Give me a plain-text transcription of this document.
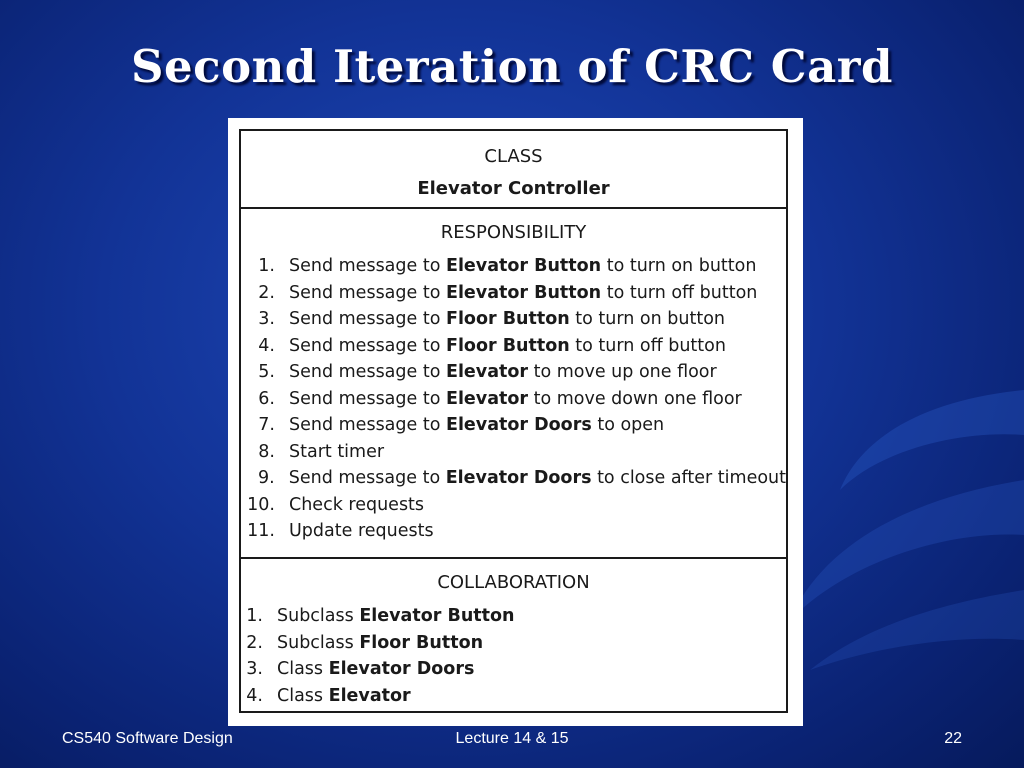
Second Iteration of CRC Card
CLASS
Elevator Controller
RESPONSIBILITY
1. Send message to Elevator Button to turn on button
2. Send message to Elevator Button to turn off button
3. Send message to Floor Button to turn on button
4. Send message to Floor Button to turn off button
5. Send message to Elevator to move up one floor
6. Send message to Elevator to move down one floor
7. Send message to Elevator Doors to open
8. Start timer
9. Send message to Elevator Doors to close after timeout
10. Check requests
11. Update requests
COLLABORATION
1. Subclass Elevator Button
2. Subclass Floor Button
3. Class Elevator Doors
4. Class Elevator
CS540 Software Design	Lecture 14 & 15	22
